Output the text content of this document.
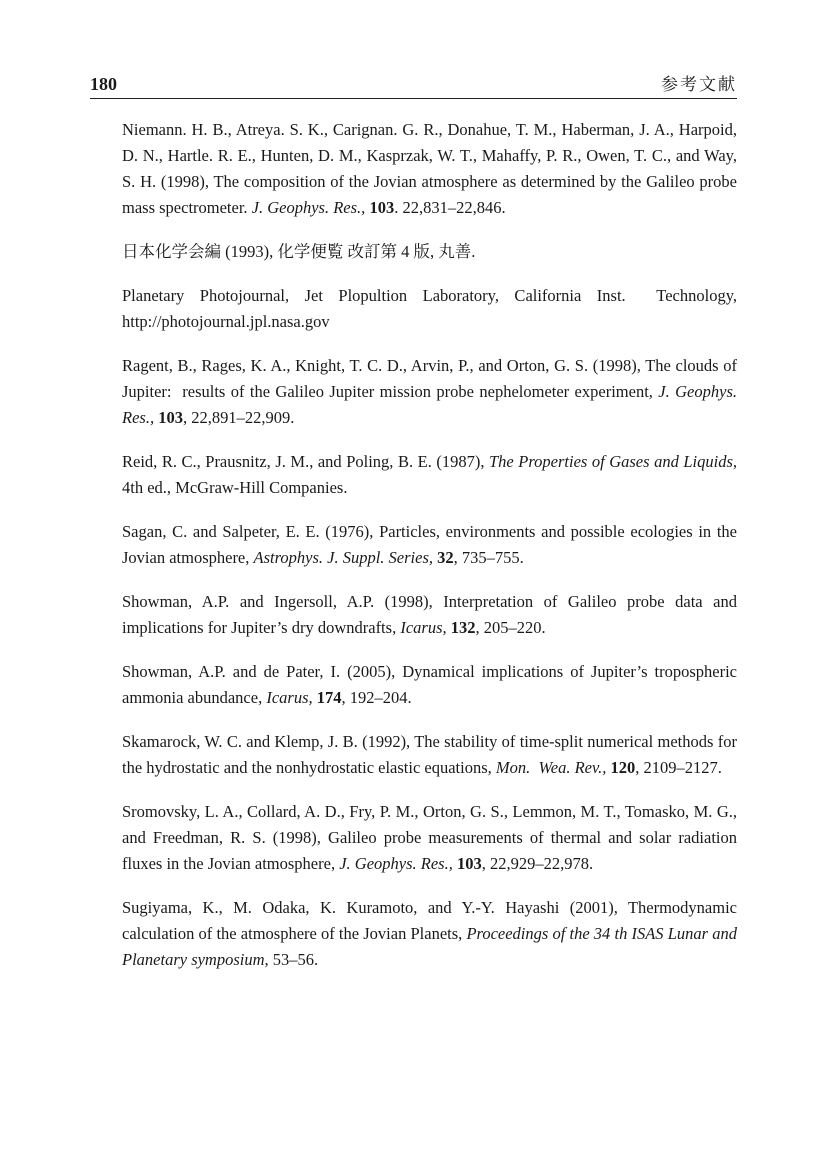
180	参考文献

Niemann. H. B., Atreya. S. K., Carignan. G. R., Donahue, T. M., Haberman, J. A., Harpoid, D. N., Hartle. R. E., Hunten, D. M., Kasprzak, W. T., Mahaffy, P. R., Owen, T. C., and Way, S. H. (1998), The composition of the Jovian atmosphere as determined by the Galileo probe mass spectrometer. J. Geophys. Res., 103. 22,831–22,846.

日本化学会編 (1993), 化学便覧 改訂第 4 版, 丸善.

Planetary Photojournal, Jet Plopultion Laboratory, California Inst.  Technology, http://photojournal.jpl.nasa.gov

Ragent, B., Rages, K. A., Knight, T. C. D., Arvin, P., and Orton, G. S. (1998), The clouds of Jupiter:  results of the Galileo Jupiter mission probe nephelometer experiment, J. Geophys. Res., 103, 22,891–22,909.

Reid, R. C., Prausnitz, J. M., and Poling, B. E. (1987), The Properties of Gases and Liquids, 4th ed., McGraw-Hill Companies.

Sagan, C. and Salpeter, E. E. (1976), Particles, environments and possible ecologies in the Jovian atmosphere, Astrophys. J. Suppl. Series, 32, 735–755.

Showman, A.P. and Ingersoll, A.P. (1998), Interpretation of Galileo probe data and implications for Jupiter’s dry downdrafts, Icarus, 132, 205–220.

Showman, A.P. and de Pater, I. (2005), Dynamical implications of Jupiter’s tropospheric ammonia abundance, Icarus, 174, 192–204.

Skamarock, W. C. and Klemp, J. B. (1992), The stability of time-split numerical methods for the hydrostatic and the nonhydrostatic elastic equations, Mon.  Wea. Rev., 120, 2109–2127.

Sromovsky, L. A., Collard, A. D., Fry, P. M., Orton, G. S., Lemmon, M. T., Tomasko, M. G., and Freedman, R. S. (1998), Galileo probe measurements of thermal and solar radiation fluxes in the Jovian atmosphere, J. Geophys. Res., 103, 22,929–22,978.

Sugiyama, K., M. Odaka, K. Kuramoto, and Y.-Y. Hayashi (2001), Thermodynamic calculation of the atmosphere of the Jovian Planets, Proceedings of the 34 th ISAS Lunar and Planetary symposium, 53–56.
